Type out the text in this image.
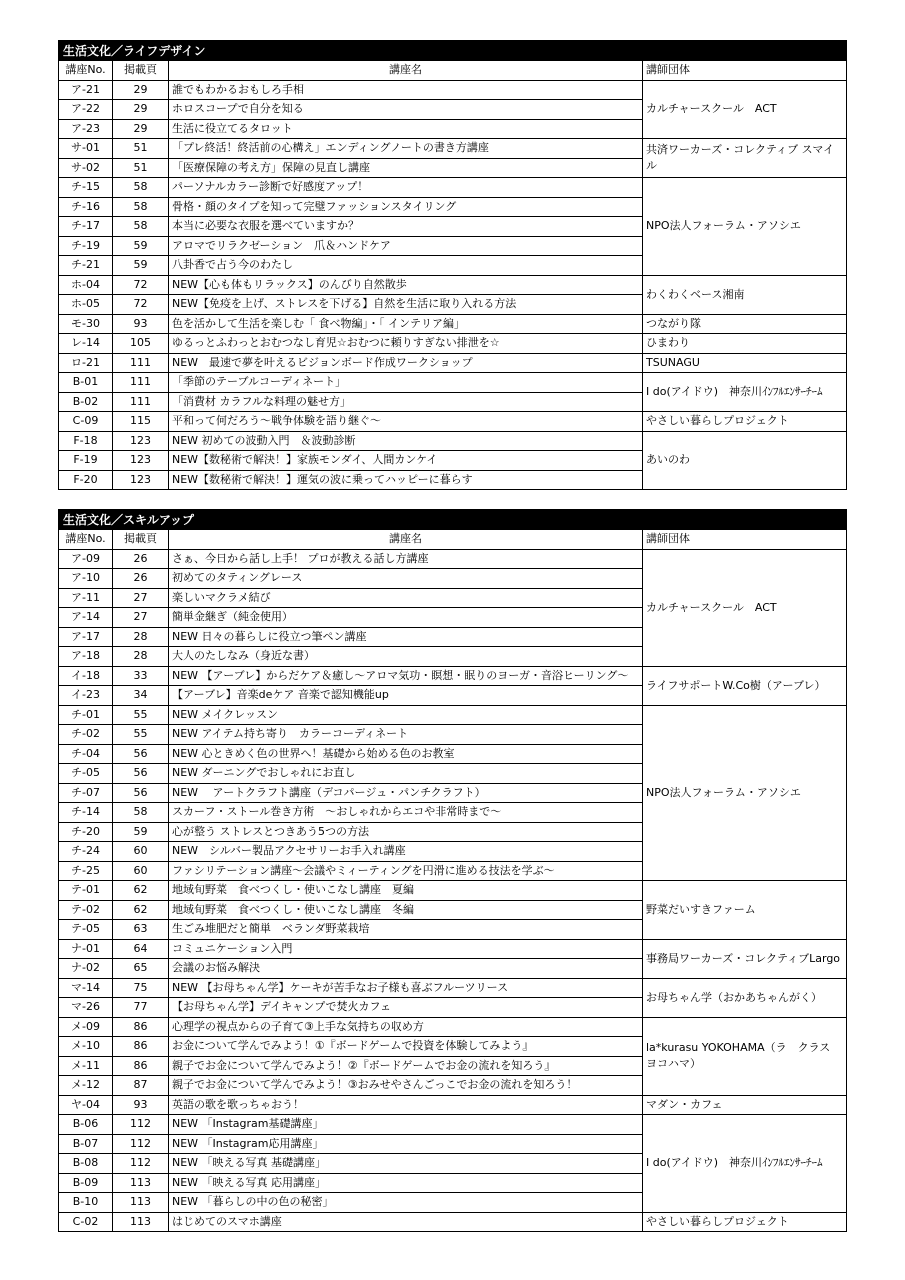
生活文化／ライフデザイン			
講座No.	掲載頁	講座名	講師団体
ア-21	29	誰でもわかるおもしろ手相	カルチャースクール　ACT
ア-22	29	ホロスコープで自分を知る	
ア-23	29	生活に役立てるタロット	
サ-01	51	「プレ終活！終活前の心構え」エンディングノートの書き方講座	共済ワーカーズ・コレクティブ スマイル
サ-02	51	「医療保障の考え方」保障の見直し講座	
チ-15	58	パーソナルカラー診断で好感度アップ！	NPO法人フォーラム・アソシエ
チ-16	58	骨格・顔のタイプを知って完璧ファッションスタイリング	
チ-17	58	本当に必要な衣服を選べていますか？	
チ-19	59	アロマでリラクゼーション　爪＆ハンドケア	
チ-21	59	八卦香で占う今のわたし	
ホ-04	72	NEW【心も体もリラックス】のんびり自然散歩	わくわくベース湘南
ホ-05	72	NEW【免疫を上げ、ストレスを下げる】自然を生活に取り入れる方法	
モ-30	93	色を活かして生活を楽しむ「 食べ物編」・「 インテリア編」	つながり隊
レ-14	105	ゆるっとふわっとおむつなし育児☆おむつに頼りすぎない排泄を☆	ひまわり
ロ-21	111	NEW　最速で夢を叶えるビジョンボード作成ワークショップ	TSUNAGU
B-01	111	「季節のテーブルコーディネート」	I do(アイドウ)　神奈川ｲﾝﾌﾙｴﾝｻｰﾁｰﾑ
B-02	111	「消費材 カラフルな料理の魅せ方」	
C-09	115	平和って何だろう～戦争体験を語り継ぐ～	やさしい暮らしプロジェクト
F-18	123	NEW 初めての波動入門　＆波動診断	あいのわ
F-19	123	NEW【数秘術で解決！】家族モンダイ、人間カンケイ	
F-20	123	NEW【数秘術で解決！】運気の波に乗ってハッピーに暮らす	
生活文化／スキルアップ			
講座No.	掲載頁	講座名	講師団体
ア-09	26	さぁ、今日から話し上手！ プロが教える話し方講座	カルチャースクール　ACT
ア-10	26	初めてのタティングレース	
ア-11	27	楽しいマクラメ結び	
ア-14	27	簡単金継ぎ（純金使用）	
ア-17	28	NEW 日々の暮らしに役立つ筆ペン講座	
ア-18	28	大人のたしなみ（身近な書）	
イ-18	33	NEW 【アーブレ】からだケア＆癒し～アロマ気功・瞑想・眠りのヨーガ・音浴ヒーリング～	ライフサポートW.Co樹（アーブレ）
イ-23	34	【アーブレ】音楽deケア 音楽で認知機能up	
チ-01	55	NEW メイクレッスン	NPO法人フォーラム・アソシエ
チ-02	55	NEW アイテム持ち寄り　カラーコーディネート	
チ-04	56	NEW 心ときめく色の世界へ！基礎から始める色のお教室	
チ-05	56	NEW ダーニングでおしゃれにお直し	
チ-07	56	NEW　 アートクラフト講座（デコパージュ・パンチクラフト）	
チ-14	58	スカーフ・ストール巻き方術　～おしゃれからエコや非常時まで～	
チ-20	59	心が整う ストレスとつきあう5つの方法	
チ-24	60	NEW　シルバー製品アクセサリーお手入れ講座	
チ-25	60	ファシリテーション講座～会議やミィーティングを円滑に進める技法を学ぶ～	
テ-01	62	地域旬野菜　食べつくし・使いこなし講座　夏編	野菜だいすきファーム
テ-02	62	地域旬野菜　食べつくし・使いこなし講座　冬編	
テ-05	63	生ごみ堆肥だと簡単　ベランダ野菜栽培	
ナ-01	64	コミュニケーション入門	事務局ワーカーズ・コレクティブLargo
ナ-02	65	会議のお悩み解決	
マ-14	75	NEW 【お母ちゃん学】ケーキが苦手なお子様も喜ぶフルーツリース	お母ちゃん学（おかあちゃんがく）
マ-26	77	【お母ちゃん学】デイキャンプで焚火カフェ	
メ-09	86	心理学の視点からの子育て③上手な気持ちの収め方	la*kurasu YOKOHAMA（ラ　クラス　ヨコハマ）
メ-10	86	お金について学んでみよう！①『ボードゲームで投資を体験してみよう』	
メ-11	86	親子でお金について学んでみよう！②『ボードゲームでお金の流れを知ろう』	
メ-12	87	親子でお金について学んでみよう！③おみせやさんごっこでお金の流れを知ろう！	
ヤ-04	93	英語の歌を歌っちゃおう！	マダン・カフェ
B-06	112	NEW 「Instagram基礎講座」	I do(アイドウ)　神奈川ｲﾝﾌﾙｴﾝｻｰﾁｰﾑ
B-07	112	NEW 「Instagram応用講座」	
B-08	112	NEW 「映える写真 基礎講座」	
B-09	113	NEW 「映える写真 応用講座」	
B-10	113	NEW 「暮らしの中の色の秘密」	
C-02	113	はじめてのスマホ講座	やさしい暮らしプロジェクト
